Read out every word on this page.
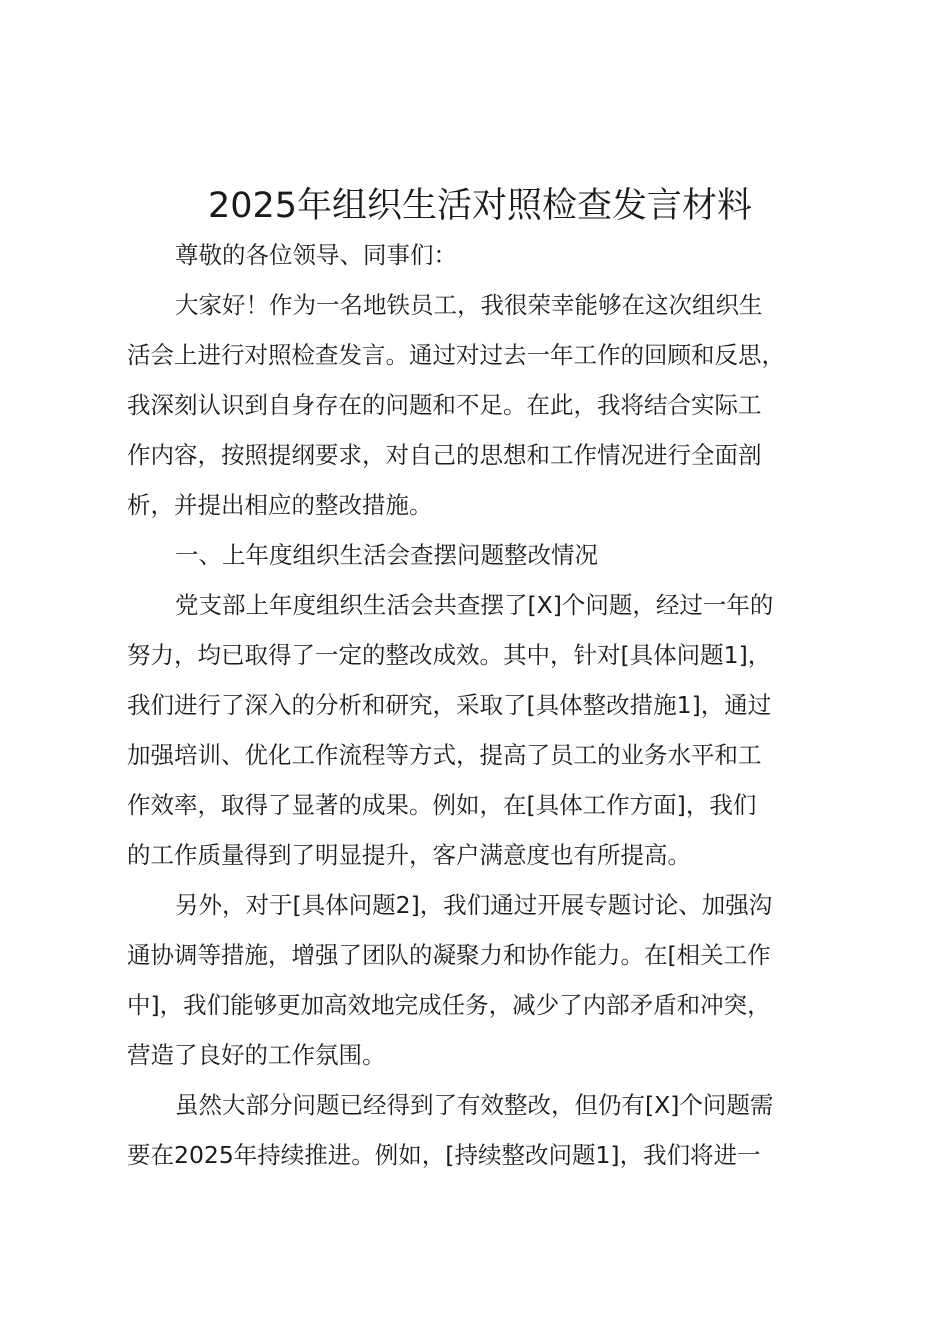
2025年组织生活对照检查发言材料

尊敬的各位领导、同事们：

大家好！作为一名地铁员工，我很荣幸能够在这次组织生

活会上进行对照检查发言。通过对过去一年工作的回顾和反思，

我深刻认识到自身存在的问题和不足。在此，我将结合实际工

作内容，按照提纲要求，对自己的思想和工作情况进行全面剖

析，并提出相应的整改措施。

一、上年度组织生活会查摆问题整改情况

党支部上年度组织生活会共查摆了[X]个问题，经过一年的

努力，均已取得了一定的整改成效。其中，针对[具体问题1]，

我们进行了深入的分析和研究，采取了[具体整改措施1]，通过

加强培训、优化工作流程等方式，提高了员工的业务水平和工

作效率，取得了显著的成果。例如，在[具体工作方面]，我们

的工作质量得到了明显提升，客户满意度也有所提高。

另外，对于[具体问题2]，我们通过开展专题讨论、加强沟

通协调等措施，增强了团队的凝聚力和协作能力。在[相关工作

中]，我们能够更加高效地完成任务，减少了内部矛盾和冲突，

营造了良好的工作氛围。

虽然大部分问题已经得到了有效整改，但仍有[X]个问题需

要在2025年持续推进。例如，[持续整改问题1]，我们将进一
